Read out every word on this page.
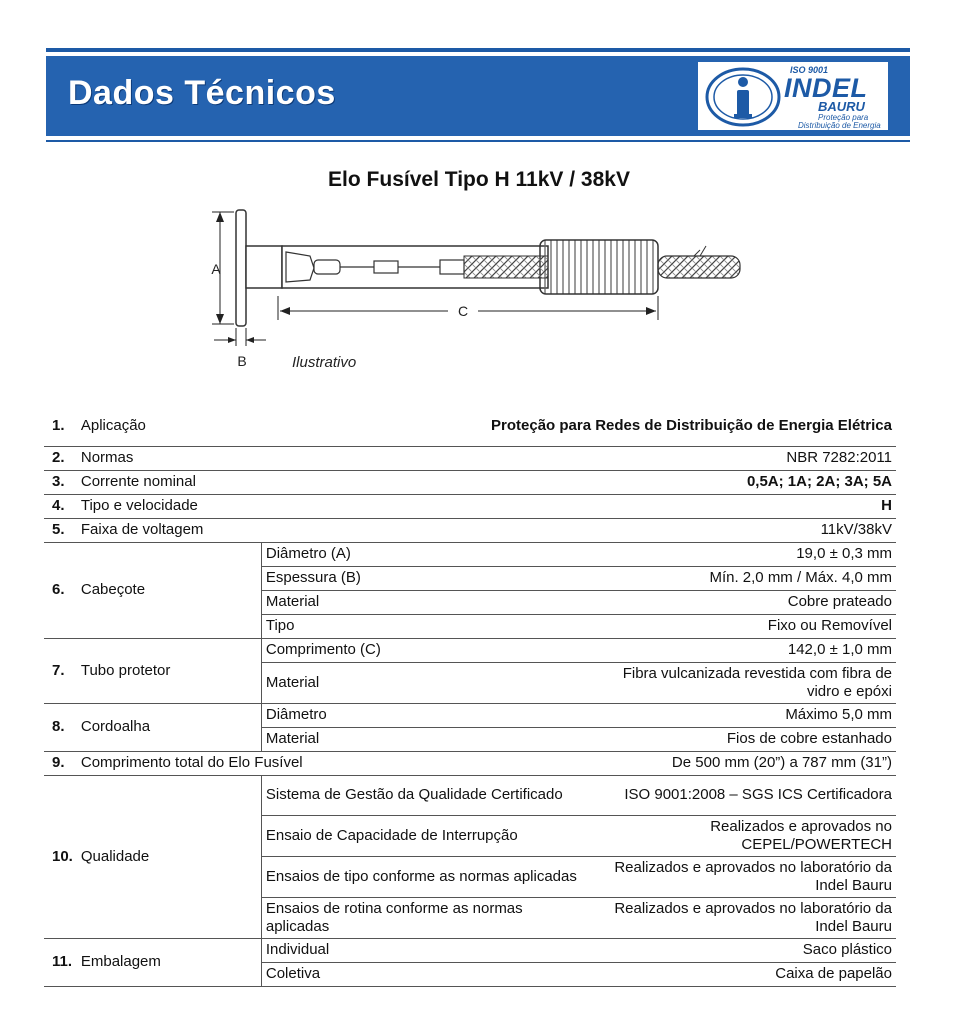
Dados Técnicos
ISO 9001
INDEL
BAURU
Proteção para
Distribuição de Energia
Elo Fusível Tipo H 11kV / 38kV
A
C
B	Ilustrativo
1.	Aplicação	Proteção para Redes de Distribuição de Energia Elétrica	
2.	Normas	NBR 7282:2011	
3.	Corrente nominal	0,5A; 1A; 2A; 3A; 5A	
4.	Tipo e velocidade	H	
5.	Faixa de voltagem	11kV/38kV	
6.	Cabeçote	Diâmetro (A)	19,0 ± 0,3 mm
		Espessura (B)	Mín. 2,0 mm / Máx. 4,0 mm
		Material	Cobre prateado
		Tipo	Fixo ou Removível
7.	Tubo protetor	Comprimento (C)	142,0 ± 1,0 mm
		Material	Fibra vulcanizada revestida com fibra de vidro e epóxi
8.	Cordoalha	Diâmetro	Máximo 5,0 mm
		Material	Fios de cobre estanhado
9.	Comprimento total do Elo Fusível		De 500 mm (20”) a 787 mm (31”)
10.	Qualidade	Sistema de Gestão da Qualidade Certificado	ISO 9001:2008 – SGS ICS Certificadora
		Ensaio de Capacidade de Interrupção	Realizados e aprovados no CEPEL/POWERTECH
		Ensaios de tipo conforme as normas aplicadas	Realizados e aprovados no laboratório da Indel Bauru
		Ensaios de rotina conforme as normas aplicadas	Realizados e aprovados no laboratório da Indel Bauru
11.	Embalagem	Individual	Saco plástico
		Coletiva	Caixa de papelão
